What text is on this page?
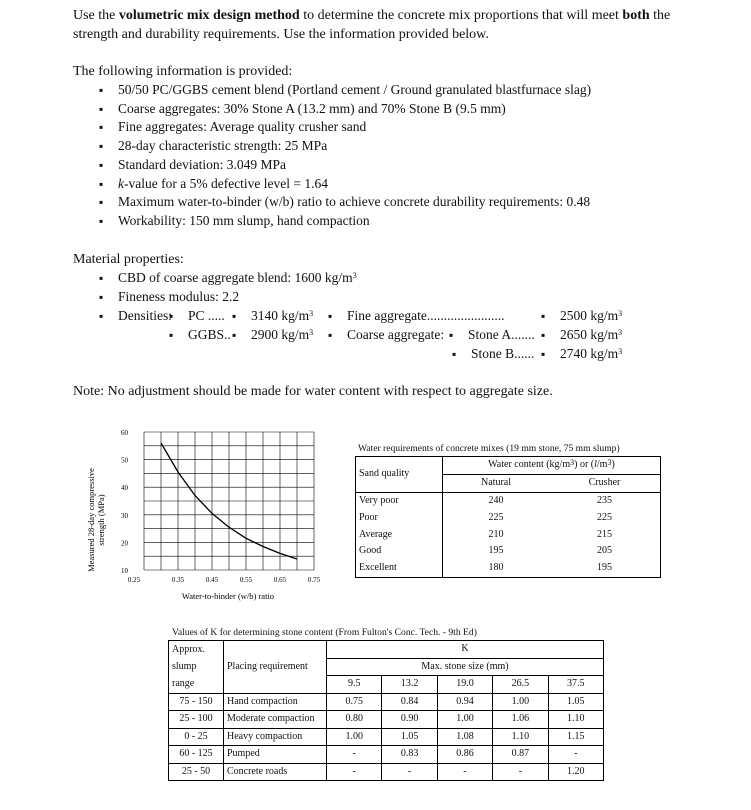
Use the volumetric mix design method to determine the concrete mix proportions that will meet both the
strength and durability requirements. Use the information provided below.
The following information is provided:
▪ 50/50 PC/GGBS cement blend (Portland cement / Ground granulated blastfurnace slag)
▪ Coarse aggregates: 30% Stone A (13.2 mm) and 70% Stone B (9.5 mm)
▪ Fine aggregates: Average quality crusher sand
▪ 28-day characteristic strength: 25 MPa
▪ Standard deviation: 3.049 MPa
▪ k-value for a 5% defective level = 1.64
▪ Maximum water-to-binder (w/b) ratio to achieve concrete durability requirements: 0.48
▪ Workability: 150 mm slump, hand compaction
Material properties:
▪ CBD of coarse aggregate blend: 1600 $kg/m^3$
▪ Fineness modulus: 2.2
▪ Densities: ▪ PC ..... ▪ 3140 $kg/m^3$
▪ GGBS.. ▪ 2900 $kg/m^3$
▪ Fine aggregate.......................	▪ 2500 $kg/m^3$
▪ Coarse aggregate: ▪ Stone A....... ▪ 2650 $kg/m^3$
▪ Stone B...... ▪ 2740 $kg/m^3$
Note: No adjustment should be made for water content with respect to aggregate size.
10
20
30
40
50
60
0.25	0.35	0.45	0.55	0.65	0.75
Water-to-binder (w/b) ratio
Measured 28-day compressive strength (MPa)
Water requirements of concrete mixes (19 mm stone, 75 mm slump)
Sand quality	Water content $(kg/m^3)$ or $(l/m^3)$	
	Natural	Crusher
Very poor	240	235
Poor	225	225
Average	210	215
Good	195	205
Excellent	180	195
Values of K for determining stone content (From Fulton's Conc. Tech. - 9th Ed)
Approx.		K				
slump	Placing requirement	Max. stone size (mm)				
range		9.5	13.2	19.0	26.5	37.5
75 - 150	Hand compaction	0.75	0.84	0.94	1.00	1.05
25 - 100	Moderate compaction	0.80	0.90	1.00	1.06	1.10
0 - 25	Heavy compaction	1.00	1.05	1.08	1.10	1.15
60 - 125	Pumped	-	0.83	0.86	0.87	-
25 - 50	Concrete roads	-	-	-	-	1.20
